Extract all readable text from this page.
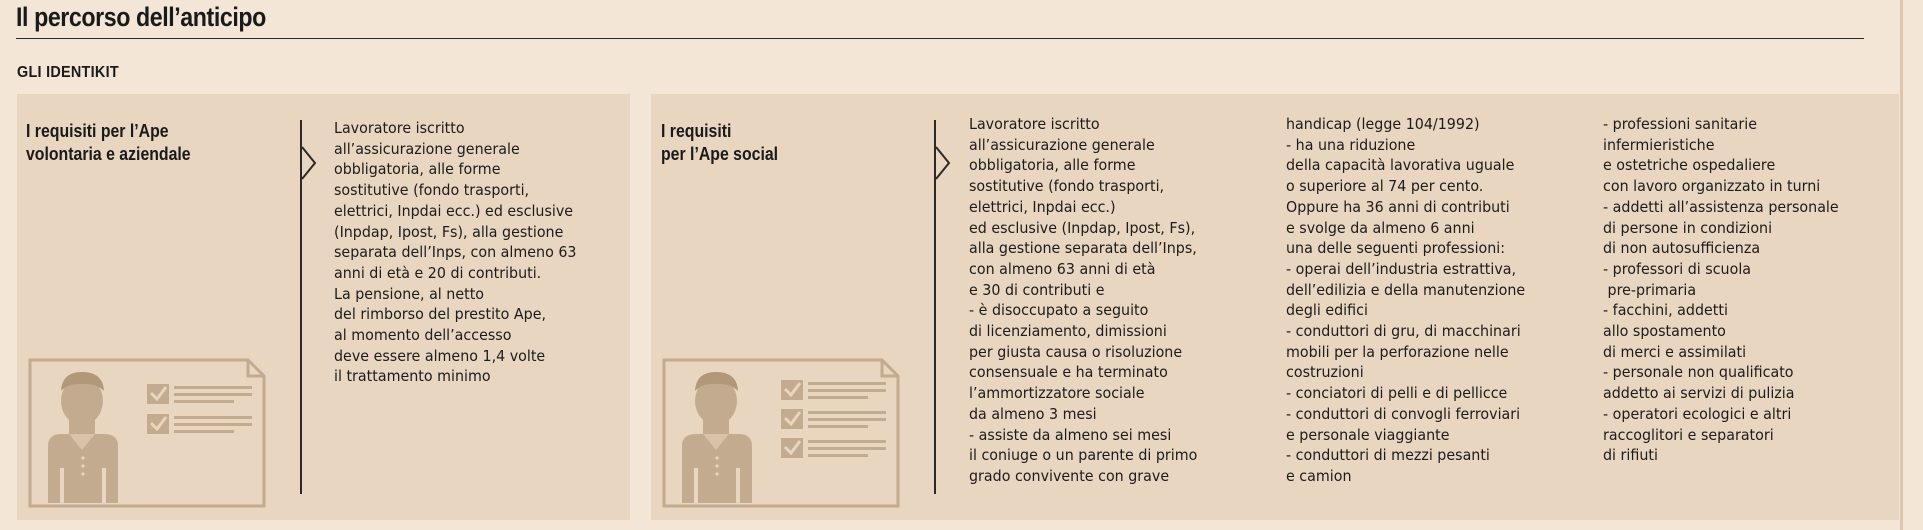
Il percorso dell’anticipo
GLI IDENTIKIT
I requisiti per l’Ape
volontaria e aziendale
Lavoratore iscritto
all’assicurazione generale
obbligatoria, alle forme
sostitutive (fondo trasporti,
elettrici, Inpdai ecc.) ed esclusive
(Inpdap, Ipost, Fs), alla gestione
separata dell’Inps, con almeno 63
anni di età e 20 di contributi.
La pensione, al netto
del rimborso del prestito Ape,
al momento dell’accesso
deve essere almeno 1,4 volte
il trattamento minimo
I requisiti
per l’Ape social
Lavoratore iscritto
all’assicurazione generale
obbligatoria, alle forme
sostitutive (fondo trasporti,
elettrici, Inpdai ecc.)
ed esclusive (Inpdap, Ipost, Fs),
alla gestione separata dell’Inps,
con almeno 63 anni di età
e 30 di contributi e
- è disoccupato a seguito
di licenziamento, dimissioni
per giusta causa o risoluzione
consensuale e ha terminato
l’ammortizzatore sociale
da almeno 3 mesi
- assiste da almeno sei mesi
il coniuge o un parente di primo
grado convivente con grave
handicap (legge 104/1992)
- ha una riduzione
della capacità lavorativa uguale
o superiore al 74 per cento.
Oppure ha 36 anni di contributi
e svolge da almeno 6 anni
una delle seguenti professioni:
- operai dell’industria estrattiva,
dell’edilizia e della manutenzione
degli edifici
- conduttori di gru, di macchinari
mobili per la perforazione nelle
costruzioni
- conciatori di pelli e di pellicce
- conduttori di convogli ferroviari
e personale viaggiante
- conduttori di mezzi pesanti
e camion
- professioni sanitarie
infermieristiche
e ostetriche ospedaliere
con lavoro organizzato in turni
- addetti all’assistenza personale
di persone in condizioni
di non autosufficienza
- professori di scuola
pre-primaria
- facchini, addetti
allo spostamento
di merci e assimilati
- personale non qualificato
addetto ai servizi di pulizia
- operatori ecologici e altri
raccoglitori e separatori
di rifiuti
